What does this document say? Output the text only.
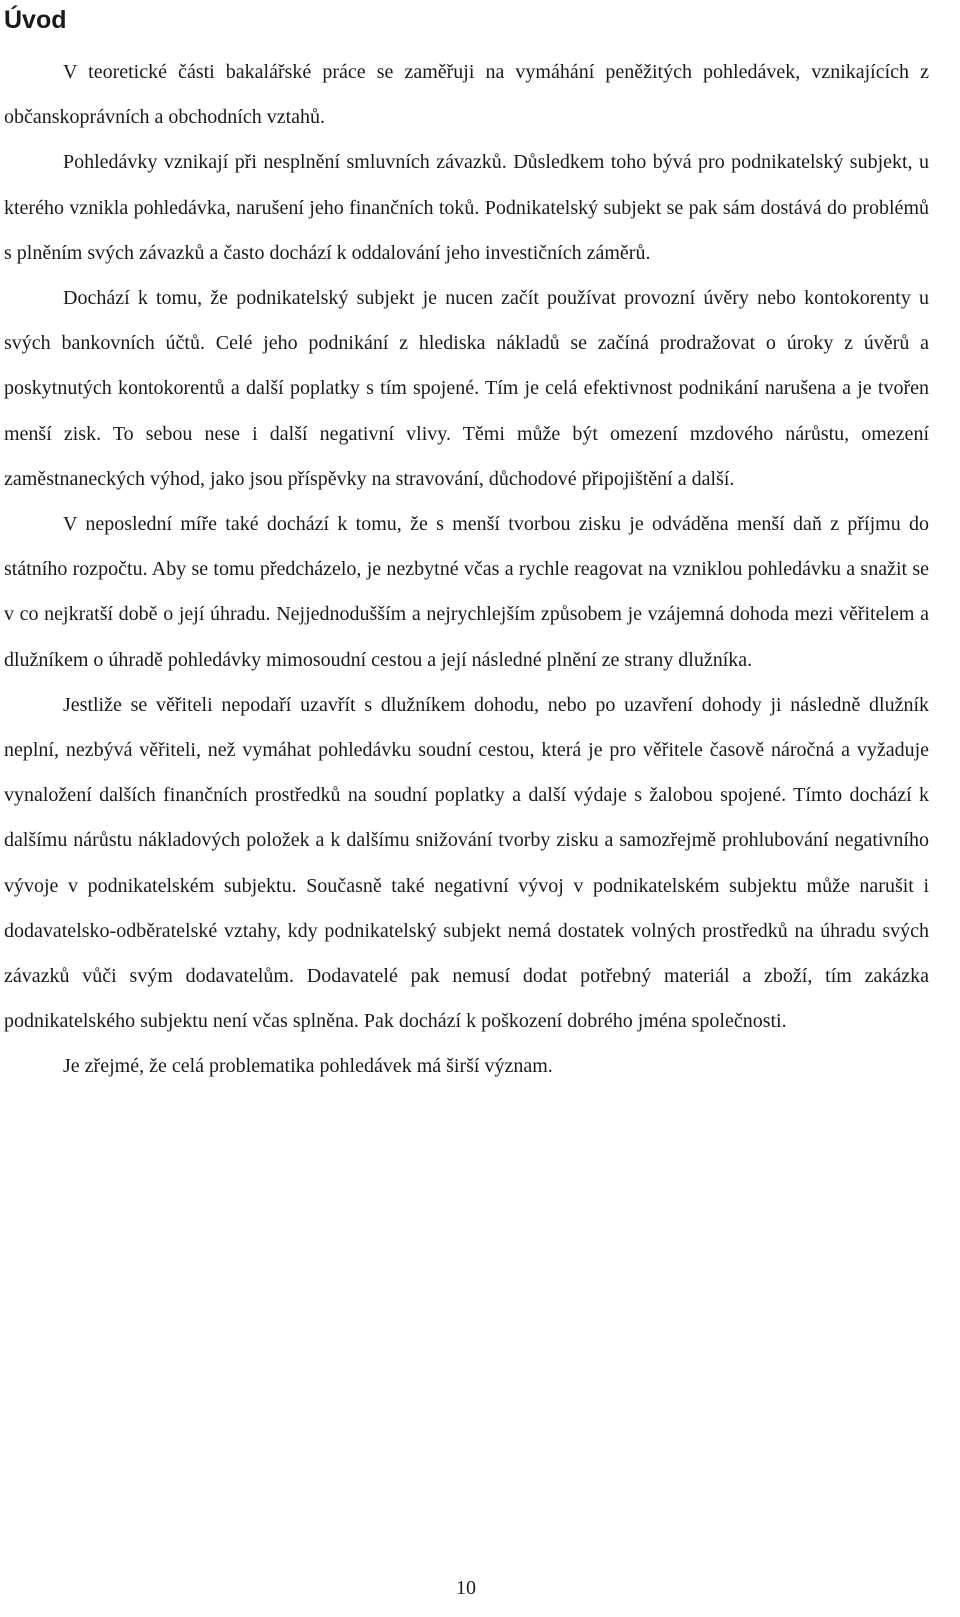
Úvod

V teoretické části bakalářské práce se zaměřuji na vymáhání peněžitých pohledávek, vznikajících z občanskoprávních a obchodních vztahů.

Pohledávky vznikají při nesplnění smluvních závazků. Důsledkem toho bývá pro podnikatelský subjekt, u kterého vznikla pohledávka, narušení jeho finančních toků. Podnikatelský subjekt se pak sám dostává do problémů s plněním svých závazků a často dochází k oddalování jeho investičních záměrů.

Dochází k tomu, že podnikatelský subjekt je nucen začít používat provozní úvěry nebo kontokorenty u svých bankovních účtů. Celé jeho podnikání z hlediska nákladů se začíná prodražovat o úroky z úvěrů a poskytnutých kontokorentů a další poplatky s tím spojené. Tím je celá efektivnost podnikání narušena a je tvořen menší zisk. To sebou nese i další negativní vlivy. Těmi může být omezení mzdového nárůstu, omezení zaměstnaneckých výhod, jako jsou příspěvky na stravování, důchodové připojištění a další.

V neposlední míře také dochází k tomu, že s menší tvorbou zisku je odváděna menší daň z příjmu do státního rozpočtu. Aby se tomu předcházelo, je nezbytné včas a rychle reagovat na vzniklou pohledávku a snažit se v co nejkratší době o její úhradu. Nejjednodušším a nejrychlejším způsobem je vzájemná dohoda mezi věřitelem a dlužníkem o úhradě pohledávky mimosoudní cestou a její následné plnění ze strany dlužníka.

Jestliže se věřiteli nepodaří uzavřít s dlužníkem dohodu, nebo po uzavření dohody ji následně dlužník neplní, nezbývá věřiteli, než vymáhat pohledávku soudní cestou, která je pro věřitele časově náročná a vyžaduje vynaložení dalších finančních prostředků na soudní poplatky a další výdaje s žalobou spojené. Tímto dochází k dalšímu nárůstu nákladových položek a k dalšímu snižování tvorby zisku a samozřejmě prohlubování negativního vývoje v podnikatelském subjektu. Současně také negativní vývoj v podnikatelském subjektu může narušit i dodavatelsko-odběratelské vztahy, kdy podnikatelský subjekt nemá dostatek volných prostředků na úhradu svých závazků vůči svým dodavatelům. Dodavatelé pak nemusí dodat potřebný materiál a zboží, tím zakázka podnikatelského subjektu není včas splněna. Pak dochází k poškození dobrého jména společnosti.

Je zřejmé, že celá problematika pohledávek má širší význam.

10
